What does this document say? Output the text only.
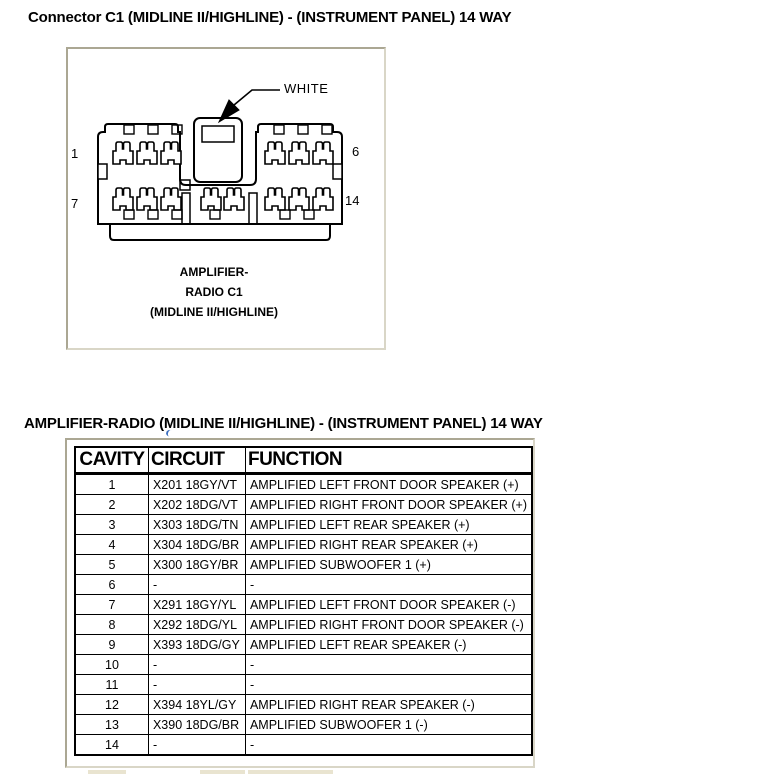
Connector C1 (MIDLINE II/HIGHLINE) - (INSTRUMENT PANEL) 14 WAY
1	6
7	14
WHITE
AMPLIFIER-
RADIO C1
(MIDLINE II/HIGHLINE)
AMPLIFIER-RADIO (MIDLINE II/HIGHLINE) - (INSTRUMENT PANEL) 14 WAY
CAVITY	CIRCUIT	FUNCTION
1	X201 18GY/VT	AMPLIFIED LEFT FRONT DOOR SPEAKER (+)
2	X202 18DG/VT	AMPLIFIED RIGHT FRONT DOOR SPEAKER (+)
3	X303 18DG/TN	AMPLIFIED LEFT REAR SPEAKER (+)
4	X304 18DG/BR	AMPLIFIED RIGHT REAR SPEAKER (+)
5	X300 18GY/BR	AMPLIFIED SUBWOOFER 1 (+)
6	-	-
7	X291 18GY/YL	AMPLIFIED LEFT FRONT DOOR SPEAKER (-)
8	X292 18DG/YL	AMPLIFIED RIGHT FRONT DOOR SPEAKER (-)
9	X393 18DG/GY	AMPLIFIED LEFT REAR SPEAKER (-)
10	-	-
11	-	-
12	X394 18YL/GY	AMPLIFIED RIGHT REAR SPEAKER (-)
13	X390 18DG/BR	AMPLIFIED SUBWOOFER 1 (-)
14	-	-
